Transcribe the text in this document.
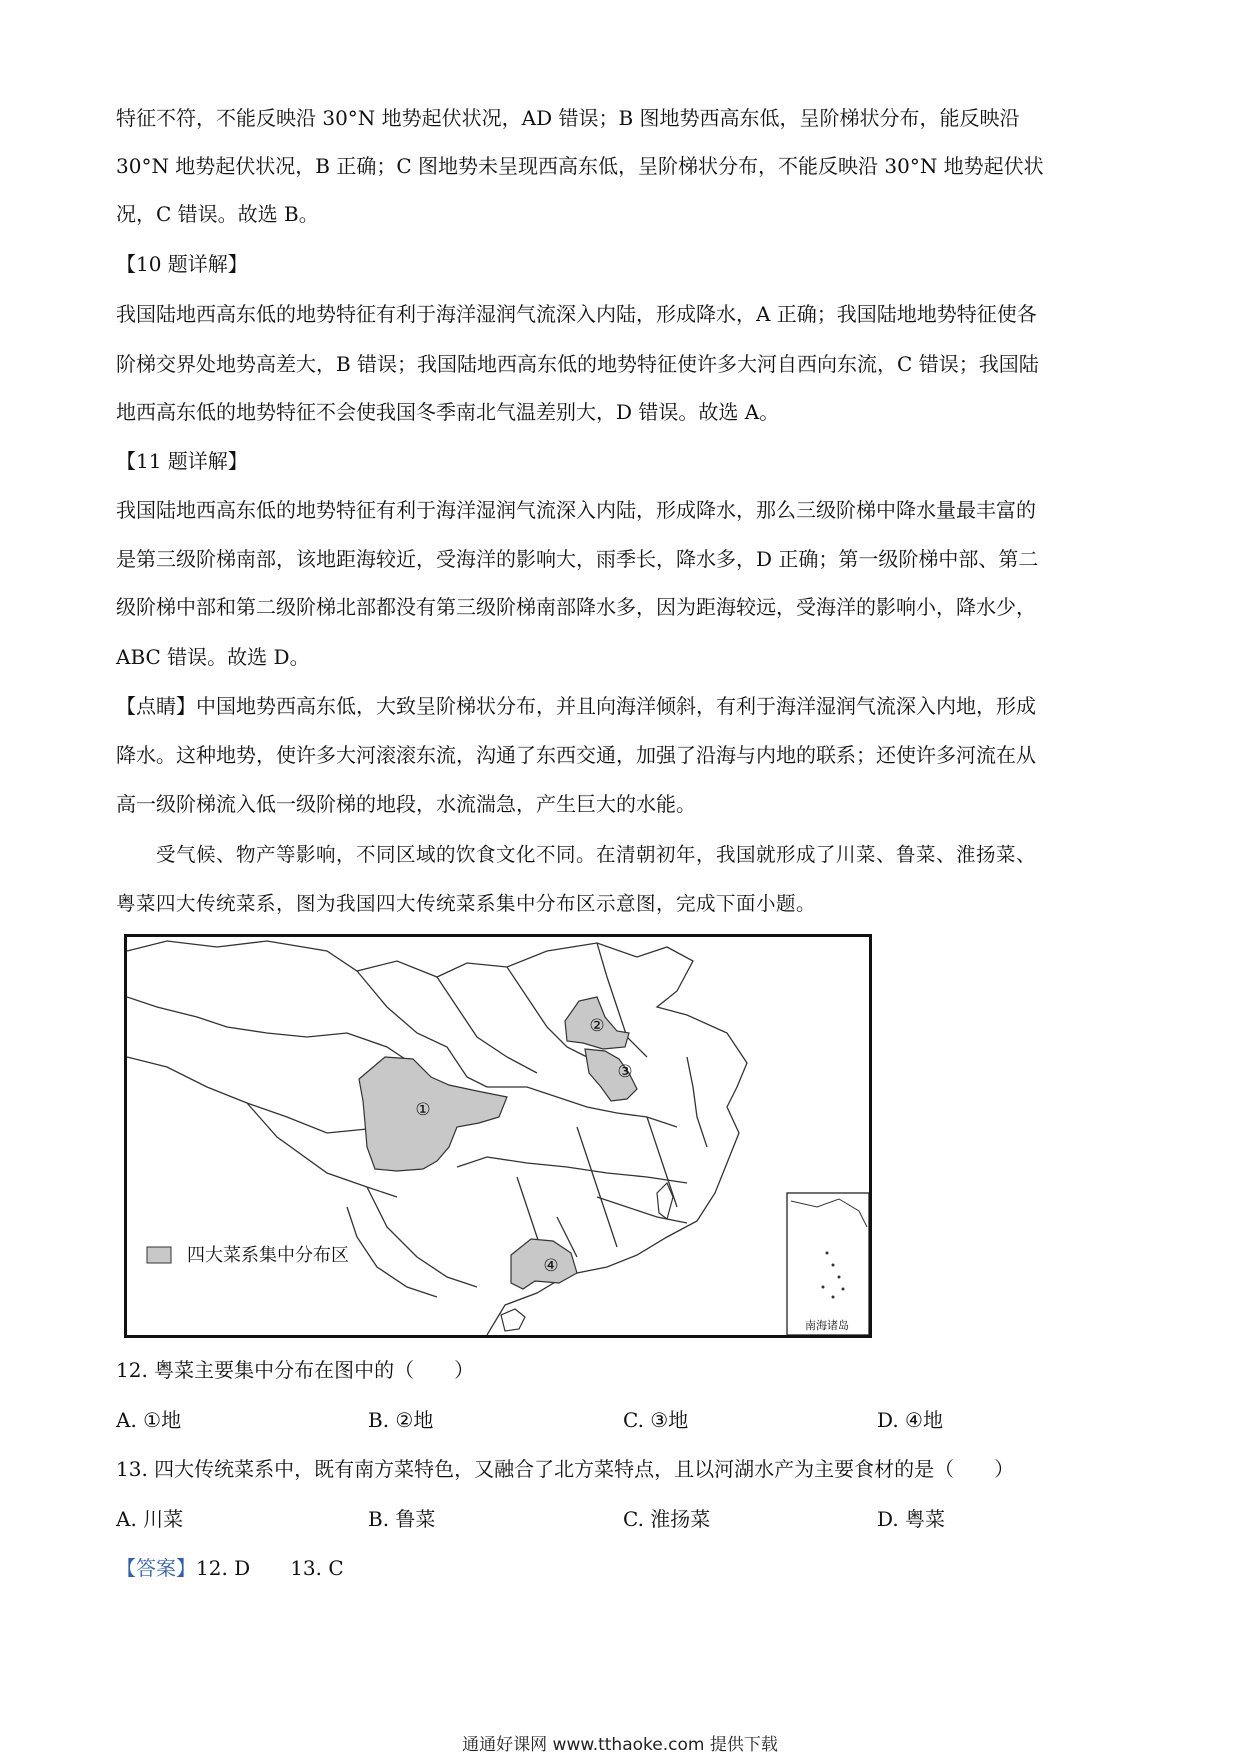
特征不符，不能反映沿 30°N 地势起伏状况，AD 错误；B 图地势西高东低，呈阶梯状分布，能反映沿
30°N 地势起伏状况，B 正确；C 图地势未呈现西高东低，呈阶梯状分布，不能反映沿 30°N 地势起伏状
况，C 错误。故选 B。
【10 题详解】
我国陆地西高东低的地势特征有利于海洋湿润气流深入内陆，形成降水，A 正确；我国陆地地势特征使各
阶梯交界处地势高差大，B 错误；我国陆地西高东低的地势特征使许多大河自西向东流，C 错误；我国陆
地西高东低的地势特征不会使我国冬季南北气温差别大，D 错误。故选 A。
【11 题详解】
我国陆地西高东低的地势特征有利于海洋湿润气流深入内陆，形成降水，那么三级阶梯中降水量最丰富的
是第三级阶梯南部，该地距海较近，受海洋的影响大，雨季长，降水多，D 正确；第一级阶梯中部、第二
级阶梯中部和第二级阶梯北部都没有第三级阶梯南部降水多，因为距海较远，受海洋的影响小，降水少，
ABC 错误。故选 D。
【点睛】中国地势西高东低，大致呈阶梯状分布，并且向海洋倾斜，有利于海洋湿润气流深入内地，形成
降水。这种地势，使许多大河滚滚东流，沟通了东西交通，加强了沿海与内地的联系；还使许多河流在从
高一级阶梯流入低一级阶梯的地段，水流湍急，产生巨大的水能。
受气候、物产等影响，不同区域的饮食文化不同。在清朝初年，我国就形成了川菜、鲁菜、淮扬菜、
粤菜四大传统菜系，图为我国四大传统菜系集中分布区示意图，完成下面小题。
①
②
③
④
四大菜系集中分布区
南海诸岛
12. 粤菜主要集中分布在图中的（　　）
A. ①地	B. ②地	C. ③地	D. ④地
13. 四大传统菜系中，既有南方菜特色，又融合了北方菜特点，且以河湖水产为主要食材的是（　　）
A. 川菜	B. 鲁菜	C. 淮扬菜	D. 粤菜
【答案】12. D 13. C
通通好课网 www.tthaoke.com 提供下载
